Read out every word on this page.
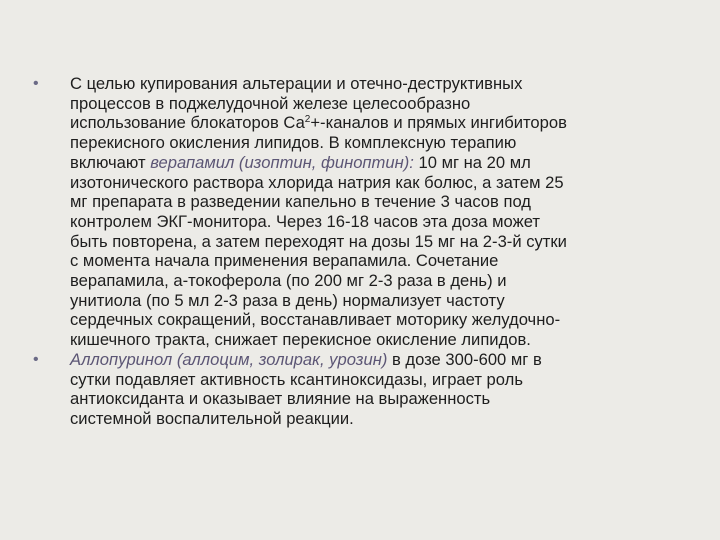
• С целью купирования альтерации и отечно-деструктивных
процессов в поджелудочной железе целесообразно
использование блокаторов $Са^2+$-каналов и прямых ингибиторов
перекисного окисления липидов. В комплексную терапию
включают верапамил (изоптин, финоптин): 10 мг на 20 мл
изотонического раствора хлорида натрия как болюс, а затем 25
мг препарата в разведении капельно в течение 3 часов под
контролем ЭКГ-монитора. Через 16-18 часов эта доза может
быть повторена, а затем переходят на дозы 15 мг на 2-3-й сутки
с момента начала применения верапамила. Сочетание
верапамила, а-токоферола (по 200 мг 2-3 раза в день) и
унитиола (по 5 мл 2-3 раза в день) нормализует частоту
сердечных сокращений, восстанавливает моторику желудочно-
кишечного тракта, снижает перекисное окисление липидов.
• Аллопуринол (аллоцим, золирак, урозин) в дозе 300-600 мг в
сутки подавляет активность ксантиноксидазы, играет роль
антиоксиданта и оказывает влияние на выраженность
системной воспалительной реакции.
